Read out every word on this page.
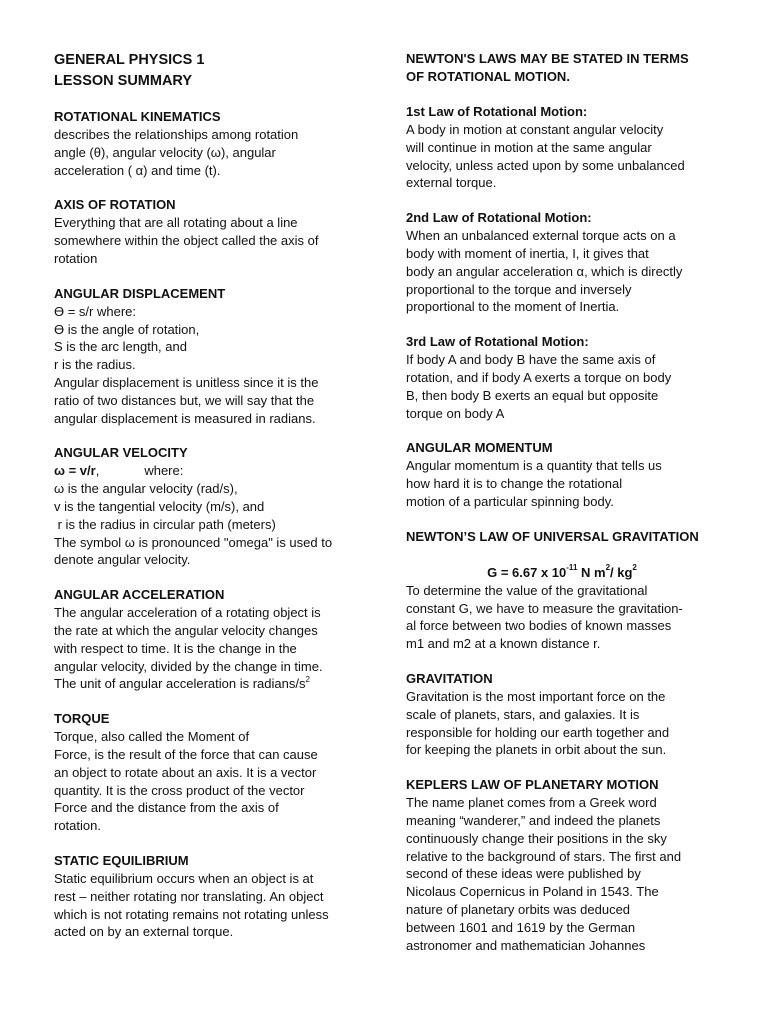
GENERAL PHYSICS 1
LESSON SUMMARY
ROTATIONAL KINEMATICS
describes the relationships among rotation
angle (θ), angular velocity (ω), angular
acceleration ( α) and time (t).
AXIS OF ROTATION
Everything that are all rotating about a line
somewhere within the object called the axis of
rotation
ANGULAR DISPLACEMENT
Ɵ = s/r where:
Ɵ is the angle of rotation,
S is the arc length, and
r is the radius.
Angular displacement is unitless since it is the
ratio of two distances but, we will say that the
angular displacement is measured in radians.
ANGULAR VELOCITY
ω = v/r,	where:
ω is the angular velocity (rad/s),
v is the tangential velocity (m/s), and
r is the radius in circular path (meters)
The symbol ω is pronounced "omega" is used to
denote angular velocity.
ANGULAR ACCELERATION
The angular acceleration of a rotating object is
the rate at which the angular velocity changes
with respect to time. It is the change in the
angular velocity, divided by the change in time.
The unit of angular acceleration is radians/$s^2$
TORQUE
Torque, also called the Moment of
Force, is the result of the force that can cause
an object to rotate about an axis. It is a vector
quantity. It is the cross product of the vector
Force and the distance from the axis of
rotation.
STATIC EQUILIBRIUM
Static equilibrium occurs when an object is at
rest – neither rotating nor translating. An object
which is not rotating remains not rotating unless
acted on by an external torque.
NEWTON'S LAWS MAY BE STATED IN TERMS
OF ROTATIONAL MOTION.
1st Law of Rotational Motion:
A body in motion at constant angular velocity
will continue in motion at the same angular
velocity, unless acted upon by some unbalanced
external torque.
2nd Law of Rotational Motion:
When an unbalanced external torque acts on a
body with moment of inertia, I, it gives that
body an angular acceleration α, which is directly
proportional to the torque and inversely
proportional to the moment of Inertia.
3rd Law of Rotational Motion:
If body A and body B have the same axis of
rotation, and if body A exerts a torque on body
B, then body B exerts an equal but opposite
torque on body A
ANGULAR MOMENTUM
Angular momentum is a quantity that tells us
how hard it is to change the rotational
motion of a particular spinning body.
NEWTON’S LAW OF UNIVERSAL GRAVITATION
G = 6.67 x $10^{-11}$ N $m^2/$ $kg^2$
To determine the value of the gravitational
constant G, we have to measure the gravitation-
al force between two bodies of known masses
m1 and m2 at a known distance r.
GRAVITATION
Gravitation is the most important force on the
scale of planets, stars, and galaxies. It is
responsible for holding our earth together and
for keeping the planets in orbit about the sun.
KEPLERS LAW OF PLANETARY MOTION
The name planet comes from a Greek word
meaning “wanderer,” and indeed the planets
continuously change their positions in the sky
relative to the background of stars. The first and
second of these ideas were published by
Nicolaus Copernicus in Poland in 1543. The
nature of planetary orbits was deduced
between 1601 and 1619 by the German
astronomer and mathematician Johannes
